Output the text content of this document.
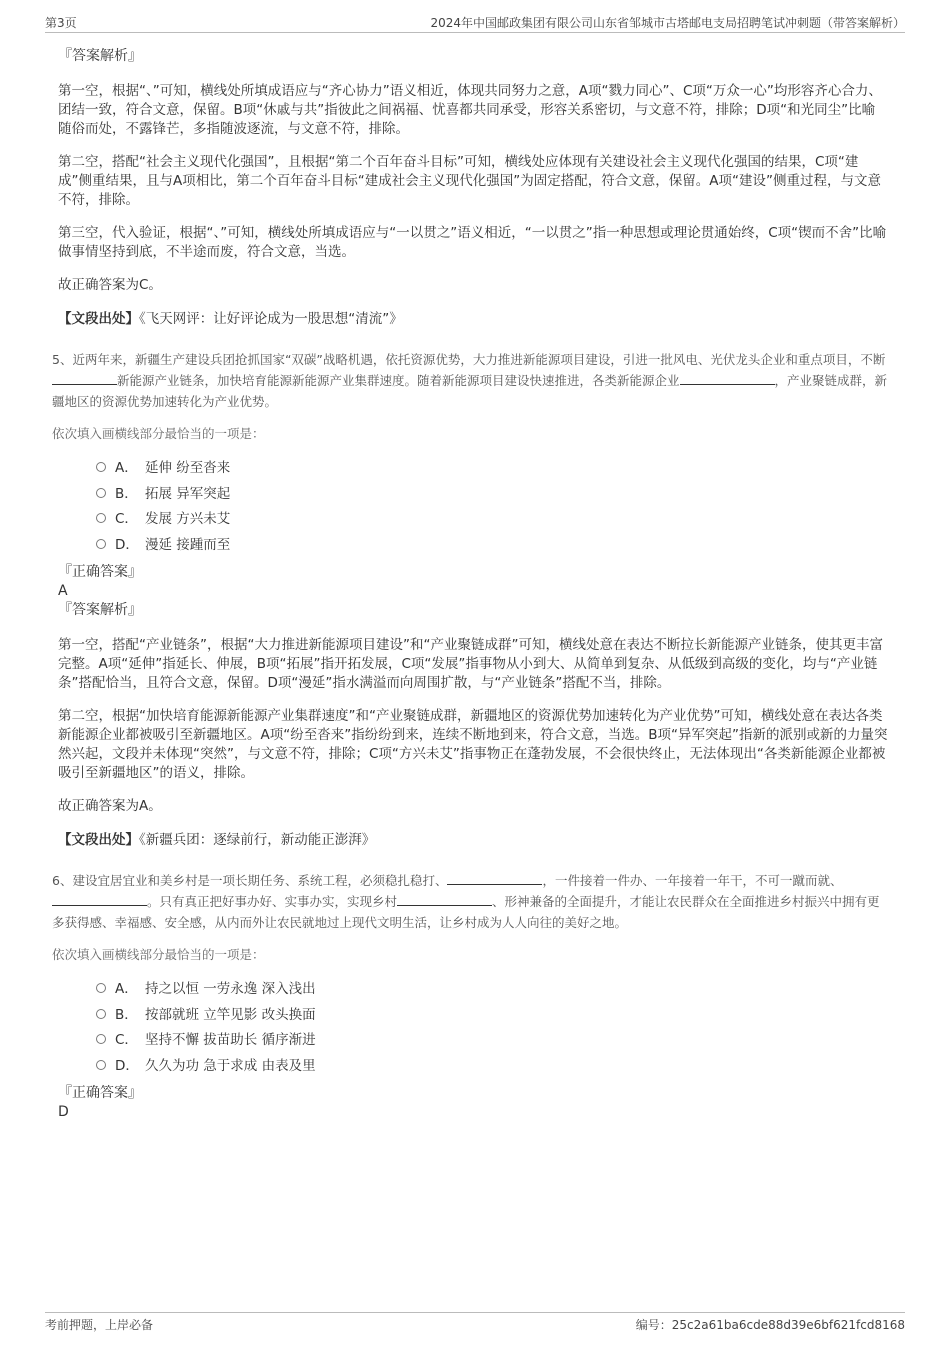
第3页	2024年中国邮政集团有限公司山东省邹城市古塔邮电支局招聘笔试冲刺题（带答案解析）

『答案解析』

第一空，根据“、”可知，横线处所填成语应与“齐心协力”语义相近，体现共同努力之意，A项“戮力同心”、C项“万众一心”均形容齐心合力、团结一致，符合文意，保留。B项“休戚与共”指彼此之间祸福、忧喜都共同承受，形容关系密切，与文意不符，排除；D项“和光同尘”比喻随俗而处，不露锋芒，多指随波逐流，与文意不符，排除。

第二空，搭配“社会主义现代化强国”，且根据“第二个百年奋斗目标”可知，横线处应体现有关建设社会主义现代化强国的结果，C项“建成”侧重结果，且与A项相比，第二个百年奋斗目标“建成社会主义现代化强国”为固定搭配，符合文意，保留。A项“建设”侧重过程，与文意不符，排除。

第三空，代入验证，根据“、”可知，横线处所填成语应与“一以贯之”语义相近，“一以贯之”指一种思想或理论贯通始终，C项“锲而不舍”比喻做事情坚持到底，不半途而废，符合文意，当选。

故正确答案为C。

【文段出处】《飞天网评：让好评论成为一股思想“清流”》

5、近两年来，新疆生产建设兵团抢抓国家“双碳”战略机遇，依托资源优势，大力推进新能源项目建设，引进一批风电、光伏龙头企业和重点项目，不断新能源产业链条，加快培育能源新能源产业集群速度。随着新能源项目建设快速推进，各类新能源企业	，产业聚链成群，新疆地区的资源优势加速转化为产业优势。

依次填入画横线部分最恰当的一项是：

A． 延伸 纷至沓来
B． 拓展 异军突起
C． 发展 方兴未艾
D． 漫延 接踵而至

『正确答案』

A

『答案解析』

第一空，搭配“产业链条”，根据“大力推进新能源项目建设”和“产业聚链成群”可知，横线处意在表达不断拉长新能源产业链条，使其更丰富完整。A项“延伸”指延长、伸展，B项“拓展”指开拓发展，C项“发展”指事物从小到大、从简单到复杂、从低级到高级的变化，均与“产业链条”搭配恰当，且符合文意，保留。D项“漫延”指水满溢而向周围扩散，与“产业链条”搭配不当，排除。

第二空，根据“加快培育能源新能源产业集群速度”和“产业聚链成群，新疆地区的资源优势加速转化为产业优势”可知，横线处意在表达各类新能源企业都被吸引至新疆地区。A项“纷至沓来”指纷纷到来，连续不断地到来，符合文意，当选。B项“异军突起”指新的派别或新的力量突然兴起，文段并未体现“突然”，与文意不符，排除；C项“方兴未艾”指事物正在蓬勃发展，不会很快终止，无法体现出“各类新能源企业都被吸引至新疆地区”的语义，排除。

故正确答案为A。

【文段出处】《新疆兵团：逐绿前行，新动能正澎湃》

6、建设宜居宜业和美乡村是一项长期任务、系统工程，必须稳扎稳打、	，一件接着一件办、一年接着一年干，不可一蹴而就、。只有真正把好事办好、实事办实，实现乡村	、形神兼备的全面提升，才能让农民群众在全面推进乡村振兴中拥有更多获得感、幸福感、安全感，从内而外让农民就地过上现代文明生活，让乡村成为人人向往的美好之地。

依次填入画横线部分最恰当的一项是：

A． 持之以恒 一劳永逸 深入浅出
B． 按部就班 立竿见影 改头换面
C． 坚持不懈 拔苗助长 循序渐进
D． 久久为功 急于求成 由表及里

『正确答案』

D

考前押题，上岸必备	编号：25c2a61ba6cde88d39e6bf621fcd8168
